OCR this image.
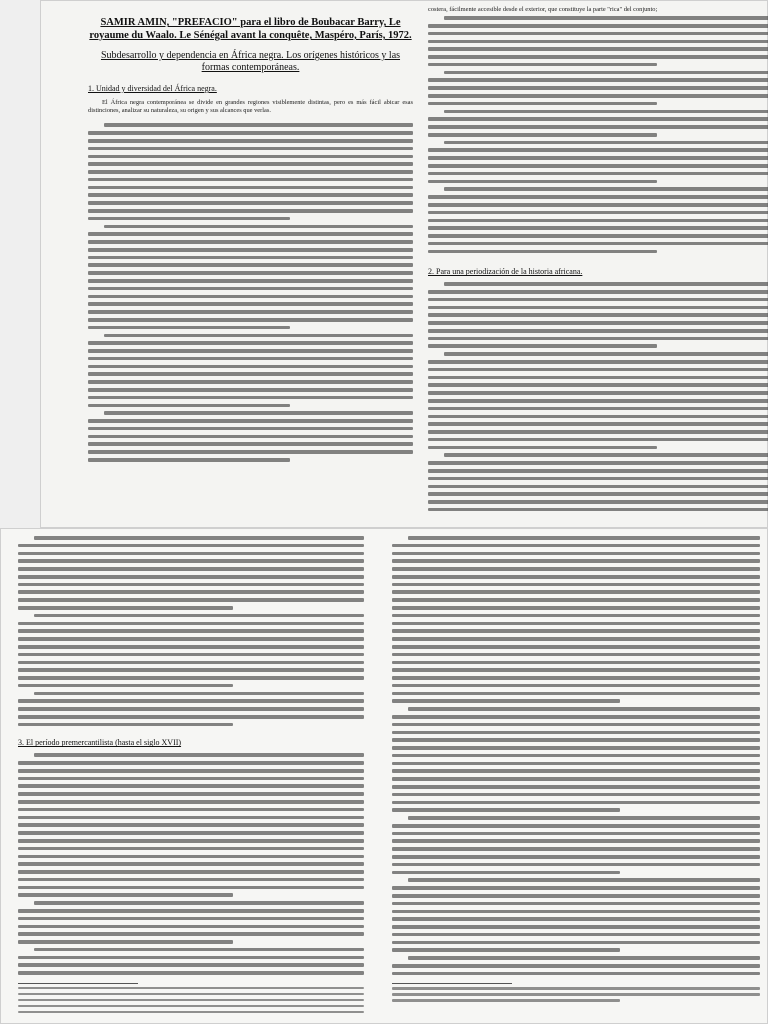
SAMIR AMIN, "PREFACIO" para el libro de Boubacar Barry, Le royaume du Waalo. Le Sénégal avant la conquête, Maspéro, París, 1972.
Subdesarrollo y dependencia en África negra. Los orígenes históricos y las formas contemporáneas.
1. Unidad y diversidad del África negra.
El África negra contemporánea se divide en grandes regiones visiblemente distintas, pero es más fácil abicar esas distinciones, analizar su naturaleza, su origen y sus alcances que verlas.
costera, fácilmente accesible desde el exterior, que constituye la parte "rica" del conjunto;
2. Para una periodización de la historia africana.
3. El período premercantilista (hasta el siglo XVII)
